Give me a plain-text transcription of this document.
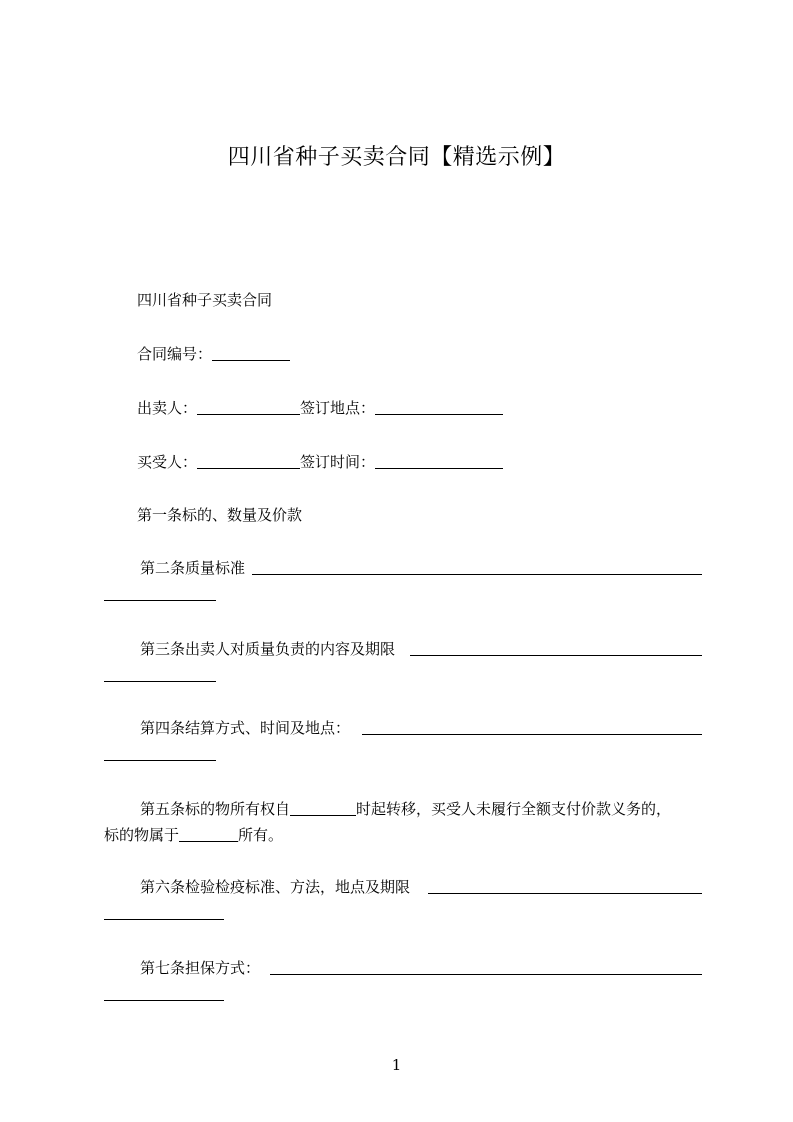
四川省种子买卖合同【精选示例】
四川省种子买卖合同
合同编号：
出卖人：	签订地点：
买受人：	签订时间：
第一条标的、数量及价款
第二条质量标准
第三条出卖人对质量负责的内容及期限
第四条结算方式、时间及地点：
第五条标的物所有权自	时起转移，买受人未履行全额支付价款义务的，
标的物属于	所有。
第六条检验检疫标准、方法，地点及期限
第七条担保方式：
1
